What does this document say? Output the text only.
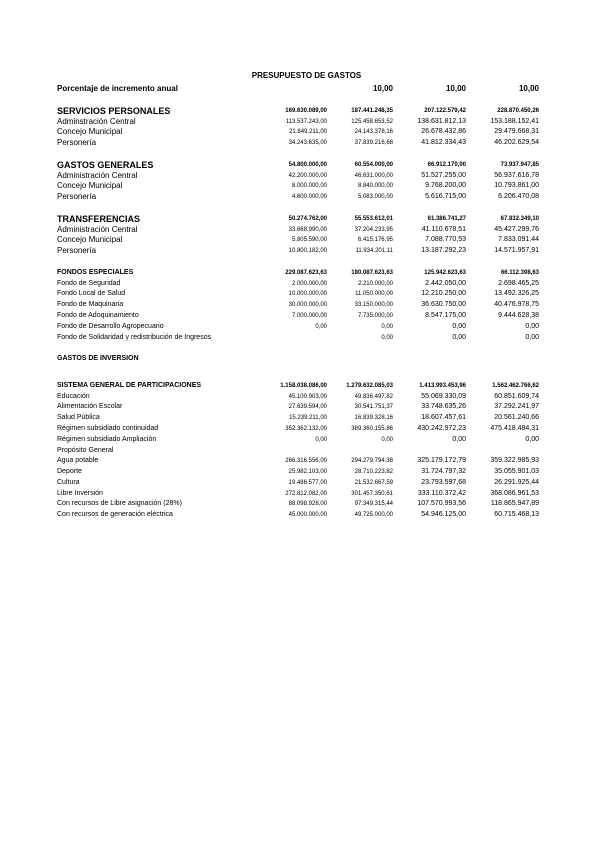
PRESUPUESTO DE GASTOS
Porcentaje de incremento anual		10,00	10,00	10,00

SERVICIOS PERSONALES	169.630.089,00	187.441.248,35	207.122.579,42	228.870.450,26
Adminstración Central	113.537.243,00	125.458.653,52	138.631.812,13	153.188.152,41
Concejo Municipal	21.849.211,00	24.143.378,16	26.678.432,86	29.479.668,31
Personería	34.243.635,00	37.839.216,68	41.812.334,43	46.202.629,54

GASTOS GENERALES	54.800.000,00	60.554.000,00	66.912.170,00	73.937.947,85
Administración Central	42.200.000,00	46.631.000,00	51.527.255,00	56.937.616,78
Concejo Municipal	8.000.000,00	8.840.000,00	9.768.200,00	10.793.861,00
Personería	4.600.000,00	5.083.000,00	5.616.715,00	6.206.470,08

TRANSFERENCIAS	50.274.762,00	55.553.612,01	61.386.741,27	67.832.349,10
Administración Central	33.668.990,00	37.204.233,95	41.110.678,51	45.427.299,76
Concejo Municipal	5.805.590,00	6.415.176,95	7.088.770,53	7.833.091,44
Personería	10.800.182,00	11.934.201,11	13.187.292,23	14.571.957,91

FONDOS ESPECIALES	229.087.623,63	180.087.623,63	125.942.623,63	66.112.398,63
Fondo de Seguridad	2.000.000,00	2.210.000,00	2.442.050,00	2.698.465,25
Fondo Local de Salud	10.000.000,00	11.050.000,00	12.210.250,00	13.492.326,25
Fondo de Maquinaria	30.000.000,00	33.150.000,00	36.630.750,00	40.476.978,75
Fondo de Adoquinamiento	7.000.000,00	7.735.000,00	8.547.175,00	9.444.628,38
Fondo de Desarrollo Agropecuario	0,00	0,00	0,00	0,00
Fondo de Solidaridad y redistribución de Ingresos		0,00	0,00	0,00

GASTOS DE INVERSION				

SISTEMA GENERAL DE PARTICIPACIONES	1.158.038.086,00	1.279.632.085,03	1.413.993.453,96	1.562.462.766,62
Educación	45.100.903,00	49.836.497,82	55.069.330,09	60.851.609,74
Alimentación Escolar	27.639.594,00	30.541.751,37	33.748.635,26	37.292.241,97
Salud Pública	15.239.211,00	16.839.328,16	18.607.457,61	20.561.240,66
Régimen subsidiado continuidad	352.362.132,00	389.360.155,86	430.242.972,23	475.418.484,31
Régimen subsidiado Ampliación	0,00	0,00	0,00	0,00
Propósito General				
Agua potable	266.316.556,00	294.279.794,38	325.179.172,79	359.322.985,93
Deporte	25.982.103,00	28.710.223,82	31.724.797,32	35.055.901,03
Cultura	19.486.577,00	21.532.667,59	23.793.597,68	26.291.925,44
Libre Inversión	272.812.082,00	301.457.350,61	333.110.372,42	368.086.961,53
Con recursos de Libre asignación (28%)	88.098.928,00	97.349.315,44	107.570.993,56	118.865.947,89
Con recursos de generación eléctrica	45.000.000,00	49.725.000,00	54.946.125,00	60.715.468,13
